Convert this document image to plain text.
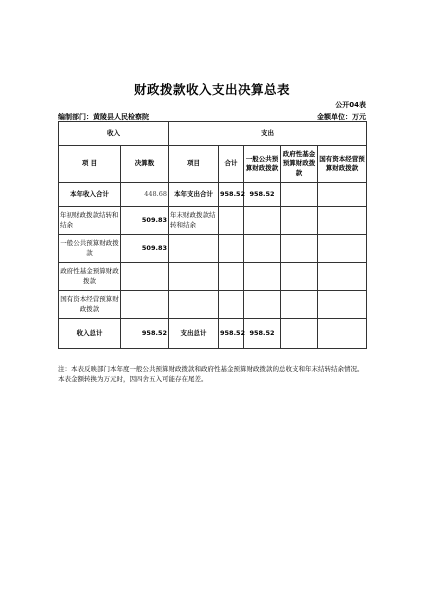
财政拨款收入支出决算总表
公开04表
编制部门：黄陵县人民检察院	金额单位：万元
收入		支出				
项 目	决算数	项目	合计	一般公共预算财政拨款	政府性基金预算财政拨款	国有资本经营预算财政拨款
本年收入合计	448.68	本年支出合计	958.52	958.52		
年初财政拨款结转和结余	509.83	年末财政拨款结转和结余				
一般公共预算财政拨款	509.83					
政府性基金预算财政拨款						
国有资本经营预算财政拨款						
收入总计	958.52	支出总计	958.52	958.52		
注：本表反映部门本年度一般公共预算财政拨款和政府性基金预算财政拨款的总收支和年末结转结余情况。本表金额转换为万元时，因四舍五入可能存在尾差。
